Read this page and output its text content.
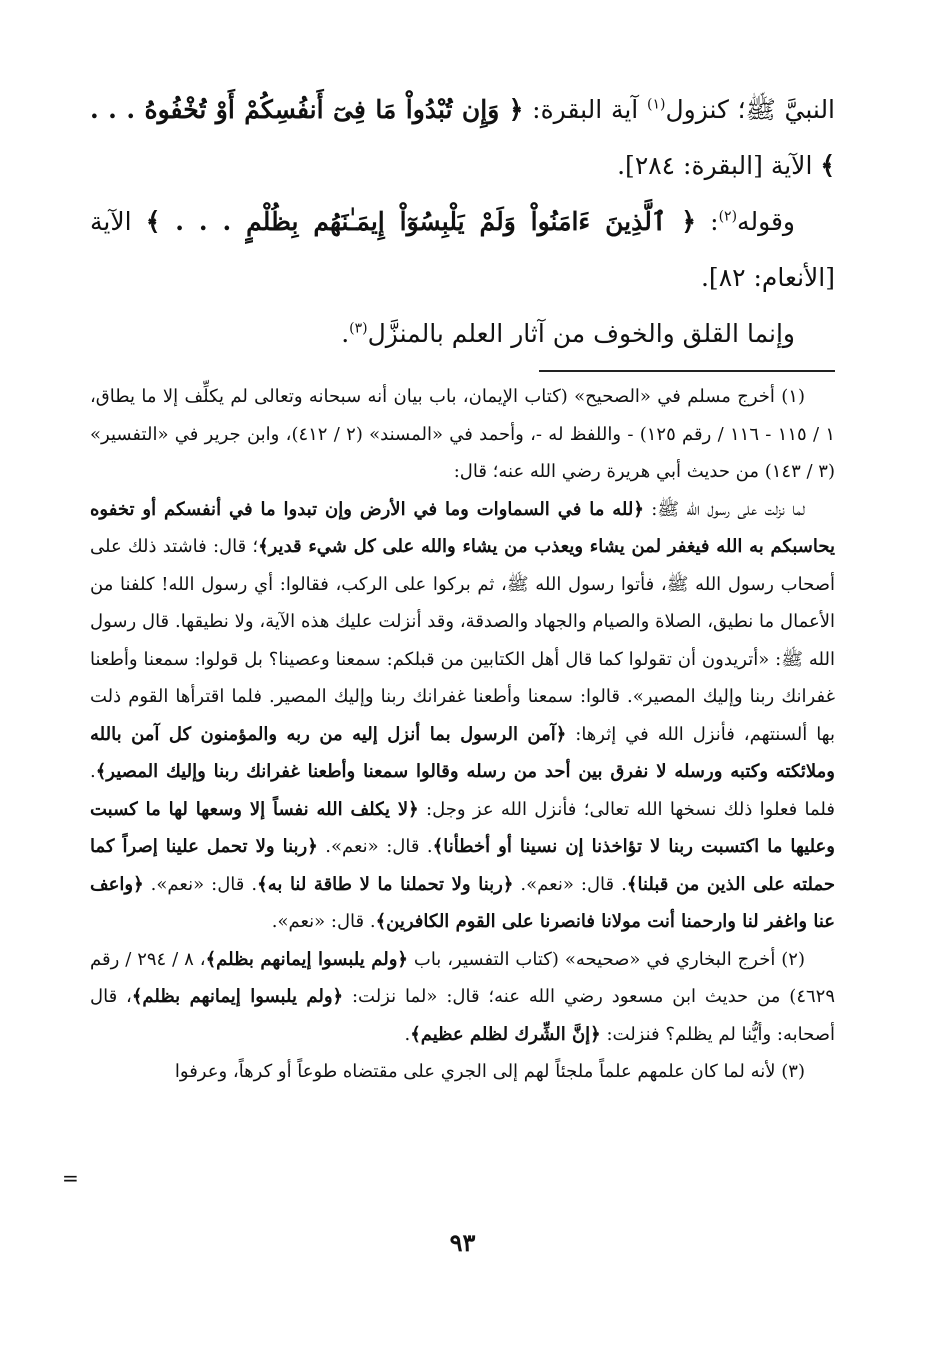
النبيَّ ﷺ؛ كنزول$^{(١)}$ آية البقرة: ﴿ وَإِن تُبْدُواْ مَا فِىٓ أَنفُسِكُمْ أَوْ تُخْفُوهُ . . . ﴾ الآية [البقرة: ٢٨٤].

وقوله$^{(٢)}$: ﴿ ٱلَّذِينَ ءَامَنُواْ وَلَمْ يَلْبِسُوٓاْ إِيمَـٰنَهُم بِظُلْمٍ . . . ﴾ الآية [الأنعام: ٨٢].

وإنما القلق والخوف من آثار العلم بالمنزَّل$^{(٣)}$.

(١) أخرج مسلم في «الصحيح» (كتاب الإيمان، باب بيان أنه سبحانه وتعالى لم يكلِّف إلا ما يطاق، ١ / ١١٥ - ١١٦ / رقم ١٢٥) - واللفظ له -، وأحمد في «المسند» (٢ / ٤١٢)، وابن جرير في «التفسير» (٣ / ١٤٣) من حديث أبي هريرة رضي الله عنه؛ قال:

لما نزلت على رسول الله ﷺ: ﴿لله ما في السماوات وما في الأرض وإن تبدوا ما في أنفسكم أو تخفوه يحاسبكم به الله فيغفر لمن يشاء ويعذب من يشاء والله على كل شيء قدير﴾؛ قال: فاشتد ذلك على أصحاب رسول الله ﷺ، فأتوا رسول الله ﷺ، ثم بركوا على الركب، فقالوا: أي رسول الله! كلفنا من الأعمال ما نطيق، الصلاة والصيام والجهاد والصدقة، وقد أنزلت عليك هذه الآية، ولا نطيقها. قال رسول الله ﷺ: «أتريدون أن تقولوا كما قال أهل الكتابين من قبلكم: سمعنا وعصينا؟ بل قولوا: سمعنا وأطعنا غفرانك ربنا وإليك المصير». قالوا: سمعنا وأطعنا غفرانك ربنا وإليك المصير. فلما اقترأها القوم ذلت بها ألسنتهم، فأنزل الله في إثرها: ﴿آمن الرسول بما أنزل إليه من ربه والمؤمنون كل آمن بالله وملائكته وكتبه ورسله لا نفرق بين أحد من رسله وقالوا سمعنا وأطعنا غفرانك ربنا وإليك المصير﴾. فلما فعلوا ذلك نسخها الله تعالى؛ فأنزل الله عز وجل: ﴿لا يكلف الله نفساً إلا وسعها لها ما كسبت وعليها ما اكتسبت ربنا لا تؤاخذنا إن نسينا أو أخطأنا﴾. قال: «نعم». ﴿ربنا ولا تحمل علينا إصراً كما حملته على الذين من قبلنا﴾. قال: «نعم». ﴿ربنا ولا تحملنا ما لا طاقة لنا به﴾. قال: «نعم». ﴿واعف عنا واغفر لنا وارحمنا أنت مولانا فانصرنا على القوم الكافرين﴾. قال: «نعم».

(٢) أخرج البخاري في «صحيحه» (كتاب التفسير، باب ﴿ولم يلبسوا إيمانهم بظلم﴾، ٨ / ٢٩٤ / رقم ٤٦٢٩) من حديث ابن مسعود رضي الله عنه؛ قال: «لما نزلت: ﴿ولم يلبسوا إيمانهم بظلم﴾، قال أصحابه: وأيُّنا لم يظلم؟ فنزلت: ﴿إنَّ الشِّرك لظلم عظيم﴾.

(٣) لأنه لما كان علمهم علماً ملجئاً لهم إلى الجري على مقتضاه طوعاً أو كرهاً، وعرفوا

=
٩٣
